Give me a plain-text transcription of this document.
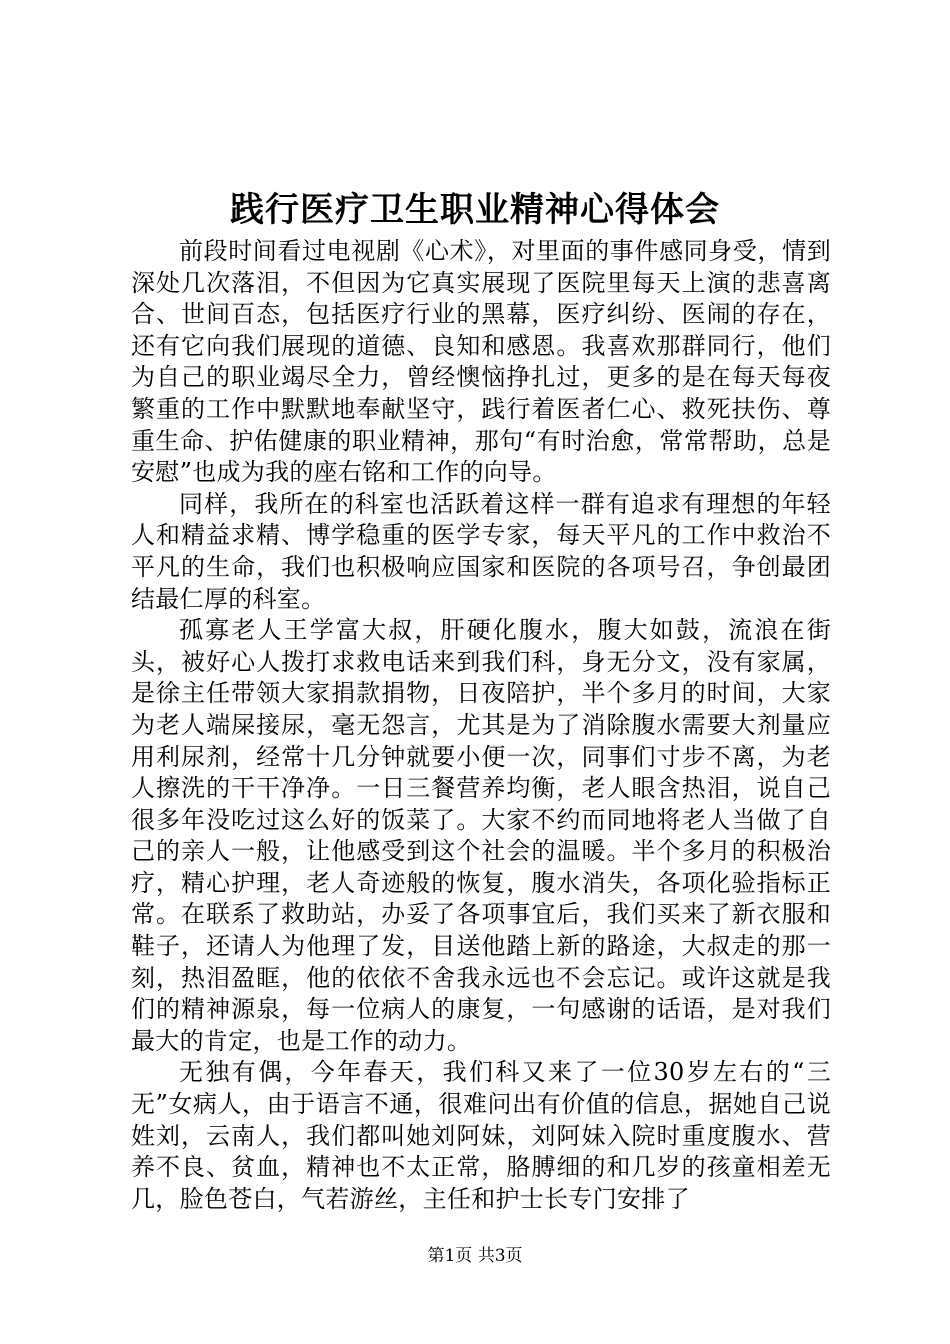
践行医疗卫生职业精神心得体会

前段时间看过电视剧《心术》，对里面的事件感同身受，情到深处几次落泪，不但因为它真实展现了医院里每天上演的悲喜离合、世间百态，包括医疗行业的黑幕，医疗纠纷、医闹的存在，还有它向我们展现的道德、良知和感恩。我喜欢那群同行，他们为自己的职业竭尽全力，曾经懊恼挣扎过，更多的是在每天每夜繁重的工作中默默地奉献坚守，践行着医者仁心、救死扶伤、尊重生命、护佑健康的职业精神，那句“有时治愈，常常帮助，总是安慰”也成为我的座右铭和工作的向导。

同样，我所在的科室也活跃着这样一群有追求有理想的年轻人和精益求精、博学稳重的医学专家，每天平凡的工作中救治不平凡的生命，我们也积极响应国家和医院的各项号召，争创最团结最仁厚的科室。

孤寡老人王学富大叔，肝硬化腹水，腹大如鼓，流浪在街头，被好心人拨打求救电话来到我们科，身无分文，没有家属，是徐主任带领大家捐款捐物，日夜陪护，半个多月的时间，大家为老人端屎接尿，毫无怨言，尤其是为了消除腹水需要大剂量应用利尿剂，经常十几分钟就要小便一次，同事们寸步不离，为老人擦洗的干干净净。一日三餐营养均衡，老人眼含热泪，说自己很多年没吃过这么好的饭菜了。大家不约而同地将老人当做了自己的亲人一般，让他感受到这个社会的温暖。半个多月的积极治疗，精心护理，老人奇迹般的恢复，腹水消失，各项化验指标正常。在联系了救助站，办妥了各项事宜后，我们买来了新衣服和鞋子，还请人为他理了发，目送他踏上新的路途，大叔走的那一刻，热泪盈眶，他的依依不舍我永远也不会忘记。或许这就是我们的精神源泉，每一位病人的康复，一句感谢的话语，是对我们最大的肯定，也是工作的动力。

无独有偶，今年春天，我们科又来了一位30岁左右的“三无”女病人，由于语言不通，很难问出有价值的信息，据她自己说姓刘，云南人，我们都叫她刘阿妹，刘阿妹入院时重度腹水、营养不良、贫血，精神也不太正常，胳膊细的和几岁的孩童相差无几，脸色苍白，气若游丝，主任和护士长专门安排了

第1页 共3页
